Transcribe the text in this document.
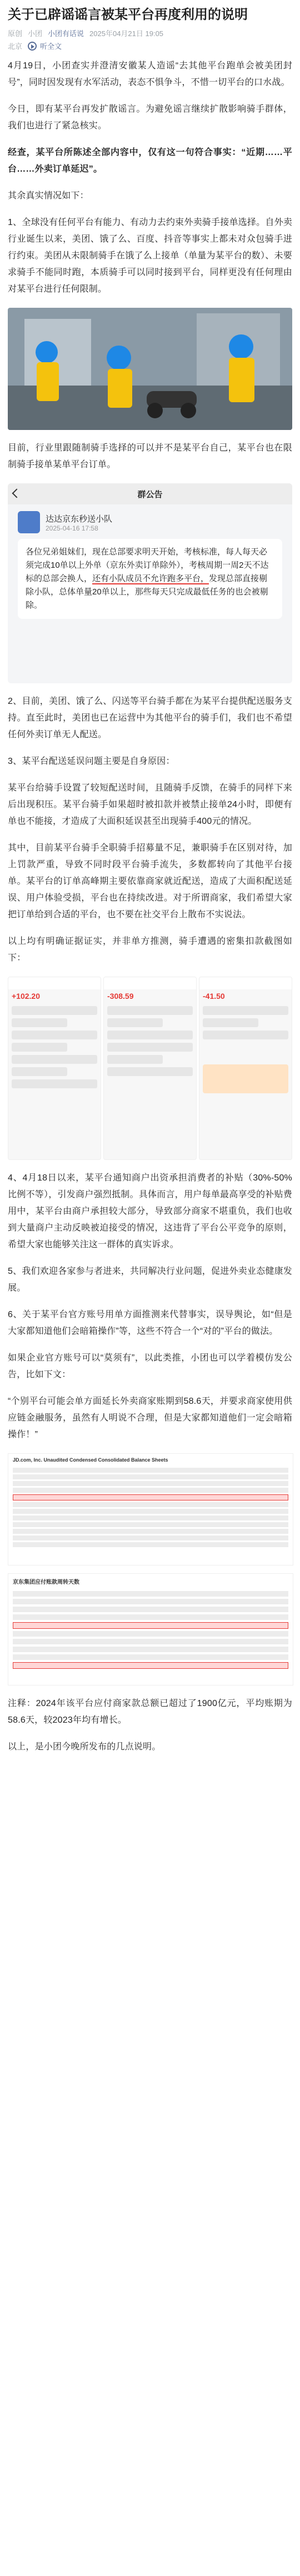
关于已辟谣谣言被某平台再度利用的说明
原创 小团 小团有话说 2025年04月21日 19:05
北京 听全文

4月19日，小团查实并澄清安徽某人造谣“去其他平台跑单会被美团封号”，同时因发现有水军活动，表态不惧争斗，不惜一切平台的口水战。

今日，即有某平台再发扩散谣言。为避免谣言继续扩散影响骑手群体，我们也进行了紧急核实。

经查，某平台所陈述全部内容中，仅有这一句符合事实：“近期……平台……外卖订单延迟”。

其余真实情况如下：

1、全球没有任何平台有能力、有动力去约束外卖骑手接单选择。自外卖行业诞生以来，美团、饿了么、百度、抖音等事实上都未对众包骑手进行约束。美团从未限制骑手在饿了么上接单（单量为某平台的数）、未要求骑手不能同时跑，本质骑手可以同时接到平台，同样更没有任何理由对某平台进行任何限制。

目前，行业里跟随制骑手选择的可以并不是某平台自己，某平台也在限制骑手接单某单平台订单。

群公告
达达京东秒送小队
2025-04-16 17:58
各位兄弟姐妹们，现在总部要求明天开始，考核标准，每人每天必须完成10单以上外单（京东外卖订单除外），考核周期一周2天不达标的总部会换人，还有小队成员不允许跑多平台，发现总部直接剔除小队，总体单量20单以上，那些每天只完成最低任务的也会被剔除。

2、目前，美团、饿了么、闪送等平台骑手都在为某平台提供配送服务支持。直至此时，美团也已在运营中为其他平台的骑手们，我们也不希望任何外卖订单无人配送。

3、某平台配送延误问题主要是自身原因：

某平台给骑手设置了较短配送时间，且随骑手反馈，在骑手的同样下来后出现积压。某平台骑手如果超时被扣款并被禁止接单24小时，即便有单也不能接，才造成了大面积延误甚至出现骑手400元的情况。

其中，目前某平台骑手全职骑手招募量不足，兼职骑手在区别对待，加上罚款严重，导致不同时段平台骑手流失，多数都转向了其他平台接单。某平台的订单高峰期主要依靠商家就近配送，造成了大面积配送延误、用户体验受损，平台也在持续改进。对于所谓商家，我们希望大家把订单给到合适的平台，也不要在社交平台上散布不实说法。

以上均有明确证据证实，并非单方推测，骑手遭遇的密集扣款截图如下：

+102.20	-308.59	-41.50

4、4月18日以来，某平台通知商户出资承担消费者的补贴（30%-50%比例不等），引发商户强烈抵制。具体而言，用户每单最高享受的补贴费用中，某平台由商户承担较大部分，导致部分商家不堪重负，我们也收到大量商户主动反映被迫接受的情况，这违背了平台公平竞争的原则，希望大家也能够关注这一群体的真实诉求。

5、我们欢迎各家参与者进来，共同解决行业问题，促进外卖业态健康发展。

6、关于某平台官方账号用单方面推测来代替事实，误导舆论，如“但是大家都知道他们会暗箱操作”等，这些不符合一个“对的”平台的做法。

如果企业官方账号可以“莫须有”，以此类推，小团也可以学着模仿发公告，比如下文：

“个别平台可能会单方面延长外卖商家账期到58.6天，并要求商家使用供应链金融服务，虽然有人明说不合理，但是大家都知道他们一定会暗箱操作！”

JD.com, Inc. Unaudited Condensed Consolidated Balance Sheets
京东集团应付账款周转天数

注释：2024年该平台应付商家款总额已超过了1900亿元，平均账期为58.6天，较2023年均有增长。

以上，是小团今晚所发布的几点说明。
